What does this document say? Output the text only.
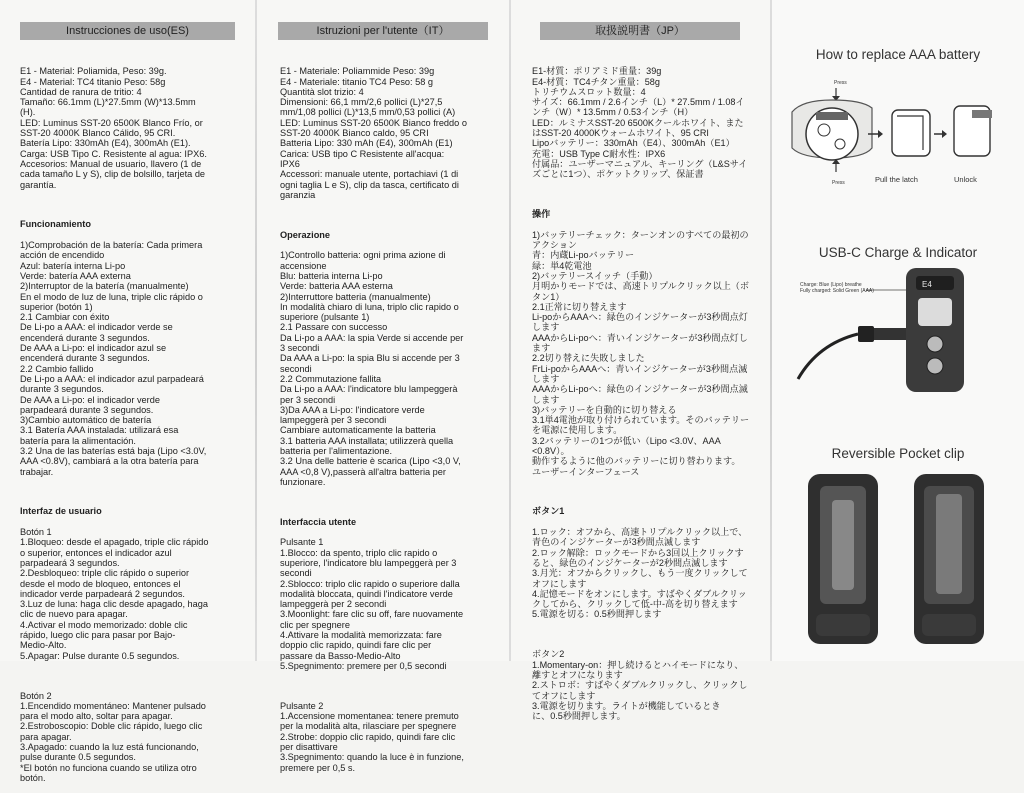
Instrucciones de uso(ES)

E1 - Material: Poliamida, Peso: 39g.
E4 - Material: TC4 titanio Peso: 58g
Cantidad de ranura de tritio: 4
Tamaño: 66.1mm (L)*27.5mm (W)*13.5mm
(H).
LED: Luminus SST-20 6500K Blanco Frío, or
SST-20 4000K Blanco Cálido, 95 CRI.
Batería Lipo: 330mAh (E4), 300mAh (E1).
Carga: USB Tipo C. Resistente al agua: IPX6.
Accesorios: Manual de usuario, llavero (1 de
cada tamaño L y S), clip de bolsillo, tarjeta de
garantía.

Funcionamiento

1)Comprobación de la batería: Cada primera
acción de encendido
Azul: batería interna Li-po
Verde: batería AAA externa
2)Interruptor de la batería (manualmente)
En el modo de luz de luna, triple clic rápido o
superior (botón 1)
2.1 Cambiar con éxito
De Li-po a AAA: el indicador verde se
encenderá durante 3 segundos.
De AAA a Li-po: el indicador azul se
encenderá durante 3 segundos.
2.2 Cambio fallido
De Li-po a AAA: el indicador azul parpadeará
durante 3 segundos.
De AAA a Li-po: el indicador verde
parpadeará durante 3 segundos.
3)Cambio automático de batería
3.1 Batería AAA instalada: utilizará esa
batería para la alimentación.
3.2 Una de las baterías está baja (Lipo <3.0V,
AAA <0.8V), cambiará a la otra batería para
trabajar.

Interfaz de usuario

Botón 1
1.Bloqueo: desde el apagado, triple clic rápido
o superior, entonces el indicador azul
parpadeará 3 segundos.
2.Desbloqueo: triple clic rápido o superior
desde el modo de bloqueo, entonces el
indicador verde parpadeará 2 segundos.
3.Luz de luna: haga clic desde apagado, haga
clic de nuevo para apagar.
4.Activar el modo memorizado: doble clic
rápido, luego clic para pasar por Bajo-
Medio-Alto.
5.Apagar: Pulse durante 0.5 segundos.

Botón 2
1.Encendido momentáneo: Mantener pulsado
para el modo alto, soltar para apagar.
2.Estroboscopio: Doble clic rápido, luego clic
para apagar.
3.Apagado: cuando la luz está funcionando,
pulse durante 0.5 segundos.
*El botón no funciona cuando se utiliza otro
botón.

Istruzioni per l'utente（IT）

E1 - Materiale: Poliammide Peso: 39g
E4 - Materiale: titanio TC4 Peso: 58 g
Quantità slot trizio: 4
Dimensioni: 66,1 mm/2,6 pollici (L)*27,5
mm/1,08 pollici (L)*13,5 mm/0,53 pollici (A)
LED: Luminus SST-20 6500K Bianco freddo o
SST-20 4000K Bianco caldo, 95 CRI
Batteria Lipo: 330 mAh (E4), 300mAh (E1)
Carica: USB tipo C Resistente all'acqua:
IPX6
Accessori: manuale utente, portachiavi (1 di
ogni taglia L e S), clip da tasca, certificato di
garanzia

Operazione

1)Controllo batteria: ogni prima azione di
accensione
Blu: batteria interna Li-po
Verde: batteria AAA esterna
2)Interruttore batteria (manualmente)
In modalità chiaro di luna, triplo clic rapido o
superiore (pulsante 1)
2.1 Passare con successo
Da Li-po a AAA: la spia Verde si accende per
3 secondi
Da AAA a Li-po: la spia Blu si accende per 3
secondi
2.2 Commutazione fallita
Da Li-po a AAA: l'indicatore blu lampeggerà
per 3 secondi
3)Da AAA a Li-po: l'indicatore verde
lampeggerà per 3 secondi
Cambiare automaticamente la batteria
3.1 batteria AAA installata; utilizzerà quella
batteria per l'alimentazione.
3.2 Una delle batterie è scarica (Lipo <3,0 V,
AAA <0,8 V),passerà all'altra batteria per
funzionare.

Interfaccia utente

Pulsante 1
1.Blocco: da spento, triplo clic rapido o
superiore, l'indicatore blu lampeggerà per 3
secondi
2.Sblocco: triplo clic rapido o superiore dalla
modalità bloccata, quindi l'indicatore verde
lampeggerà per 2 secondi
3.Moonlight: fare clic su off, fare nuovamente
clic per spegnere
4.Attivare la modalità memorizzata: fare
doppio clic rapido, quindi fare clic per
passare da Basso-Medio-Alto
5.Spegnimento: premere per 0,5 secondi

Pulsante 2
1.Accensione momentanea: tenere premuto
per la modalità alta, rilasciare per spegnere
2.Strobe: doppio clic rapido, quindi fare clic
per disattivare
3.Spegnimento: quando la luce è in funzione,
premere per 0,5 s.

取扱説明書（JP）

E1-材質：ポリアミド重量：39g
E4-材質：TC4チタン重量：58g
トリチウムスロット数量：4
サイズ：66.1mm / 2.6インチ（L）* 27.5mm / 1.08イ
ンチ（W）* 13.5mm / 0.53インチ（H）
LED：ルミナスSST-20 6500Kクールホワイト、また
はSST-20 4000Kウォームホワイト、95 CRI
Lipoバッテリー：330mAh（E4）、300mAh（E1）
充電：USB Type C耐水性：IPX6
付属品：ユーザーマニュアル、キーリング（L&Sサイ
ズごとに1つ）、ポケットクリップ、保証書

操作

1)バッテリーチェック：ターンオンのすべての最初の
アクション
青：内蔵Li-poバッテリー
緑：単4乾電池
2)バッテリースイッチ（手動）
月明かりモードでは、高速トリプルクリック以上（ボ
タン1）
2.1正常に切り替えます
Li-poからAAAへ：緑色のインジケーターが3秒間点灯
します
AAAからLi-poへ：青いインジケーターが3秒間点灯し
ます
2.2切り替えに失敗しました
FrLi-poからAAAへ：青いインジケーターが3秒間点滅
します
AAAからLi-poへ：緑色のインジケーターが3秒間点滅
します
3)バッテリーを自動的に切り替える
3.1単4電池が取り付けられています。そのバッテリー
を電源に使用します。
3.2バッテリーの1つが低い（Lipo <3.0V、AAA
<0.8V）。
動作するように他のバッテリーに切り替わります。
ユーザーインターフェース

ボタン1

1.ロック：オフから、高速トリプルクリック以上で、
青色のインジケーターが3秒間点滅します
2.ロック解除：ロックモードから3回以上クリックす
ると、緑色のインジケーターが2秒間点滅します
3.月光：オフからクリックし、もう一度クリックして
オフにします
4.記憶モードをオンにします。すばやくダブルクリッ
クしてから、クリックして低-中-高を切り替えます
5.電源を切る：0.5秒間押します

ボタン2
1.Momentary-on：押し続けるとハイモードになり、
離すとオフになります
2.ストロボ：すばやくダブルクリックし、クリックし
てオフにします
3.電源を切ります。ライトが機能しているとき
に、0.5秒間押します。

How to replace AAA battery
Press
Press	Pull the latch	Unlock
USB-C Charge & Indicator
Charge: Blue (Lipo) breathe
Fully charged: Solid Green (AAA)
E4
Reversible Pocket clip
